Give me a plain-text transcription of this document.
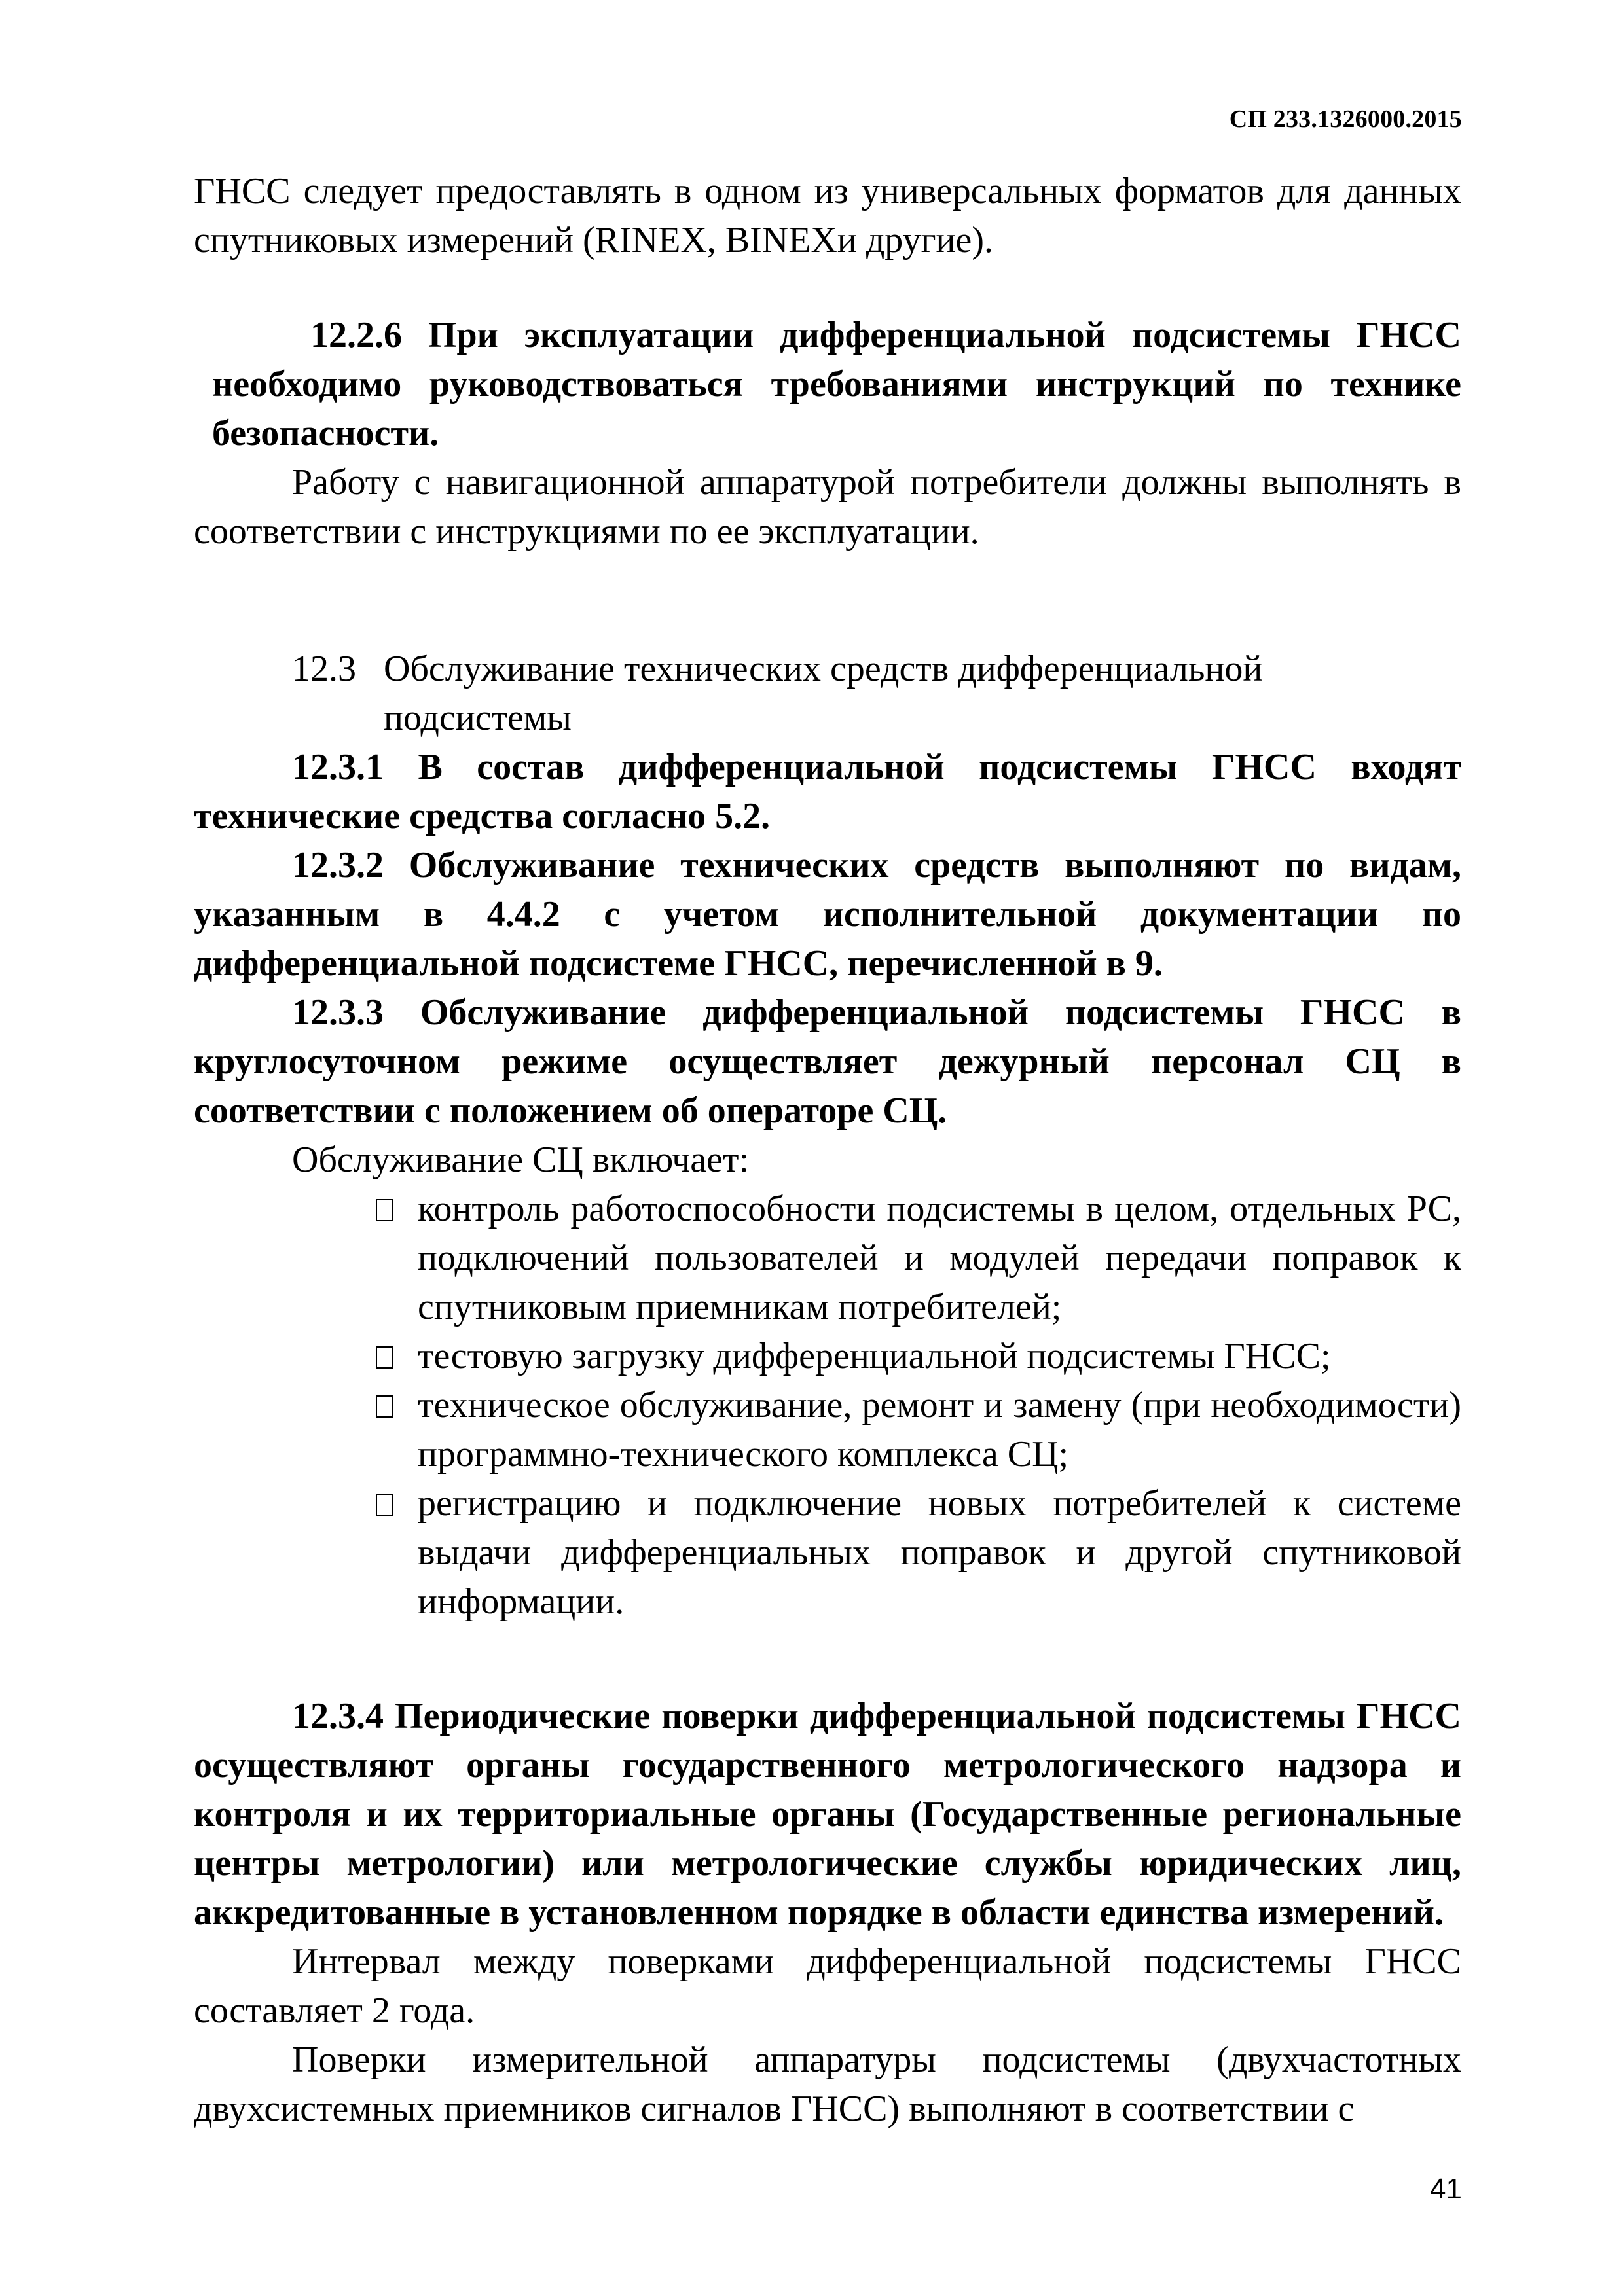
СП 233.1326000.2015

ГНСС следует предоставлять в одном из универсальных форматов для данных спутниковых измерений (RINEX, BINEXи другие).

12.2.6 При эксплуатации дифференциальной подсистемы ГНСС необходимо руководствоваться требованиями инструкций по технике безопасности.

Работу с навигационной аппаратурой потребители должны выполнять в соответствии с инструкциями по ее эксплуатации.

12.3 Обслуживание технических средств дифференциальной подсистемы

12.3.1 В состав дифференциальной подсистемы ГНСС входят технические средства согласно 5.2.

12.3.2 Обслуживание технических средств выполняют по видам, указанным в 4.4.2 с учетом исполнительной документации по дифференциальной подсистеме ГНСС, перечисленной в 9.

12.3.3 Обслуживание дифференциальной подсистемы ГНСС в круглосуточном режиме осуществляет дежурный персонал СЦ в соответствии с положением об операторе СЦ.

Обслуживание СЦ включает:

контроль работоспособности подсистемы в целом, отдельных РС, подключений пользователей и модулей передачи поправок к спутниковым приемникам потребителей;
тестовую загрузку дифференциальной подсистемы ГНСС;
техническое обслуживание, ремонт и замену (при необходимости) программно-технического комплекса СЦ;
регистрацию и подключение новых потребителей к системе выдачи дифференциальных поправок и другой спутниковой информации.

12.3.4 Периодические поверки дифференциальной подсистемы ГНСС осуществляют органы государственного метрологического надзора и контроля и их территориальные органы (Государственные региональные центры метрологии) или метрологические службы юридических лиц, аккредитованные в установленном порядке в области единства измерений.

Интервал между поверками дифференциальной подсистемы ГНСС составляет 2 года.

Поверки измерительной аппаратуры подсистемы (двухчастотных двухсистемных приемников сигналов ГНСС) выполняют в соответствии с

41
